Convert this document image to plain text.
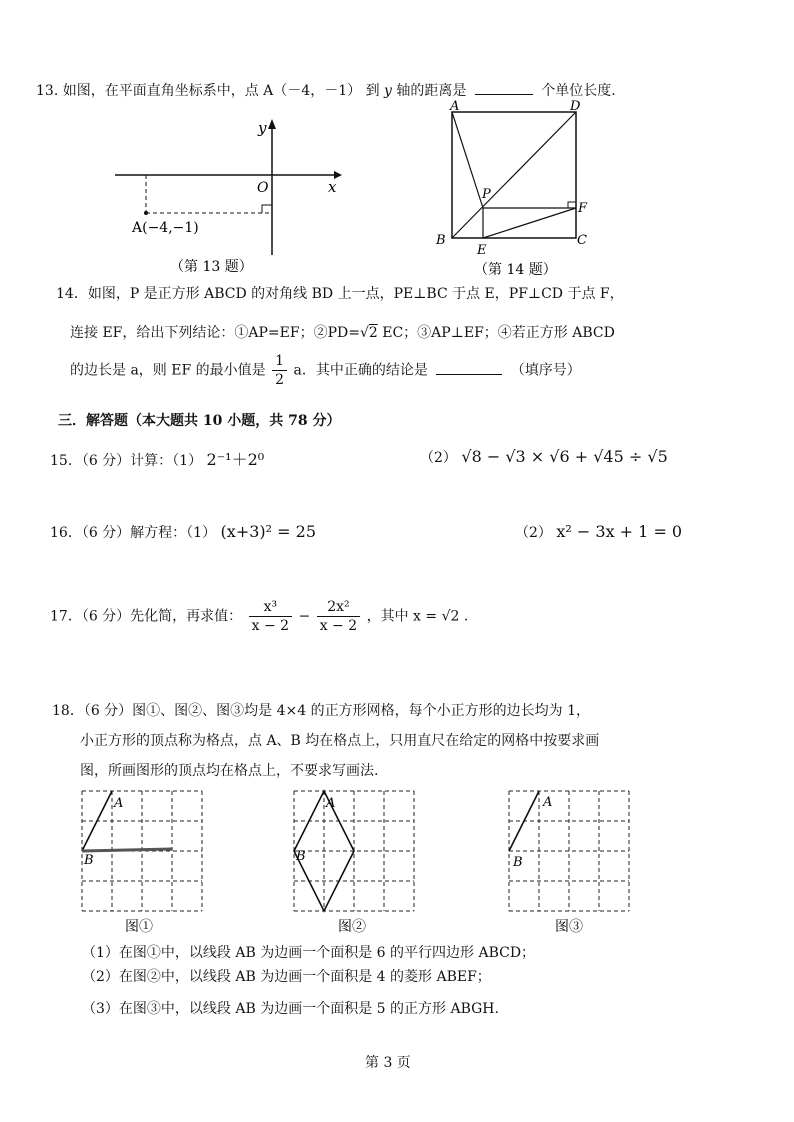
13. 如图，在平面直角坐标系中，点 A（－4，－1） 到 y 轴的距离是	个单位长度.
y
x
O
A(−4,−1)
（第 13 题）
A	D
P
F
B
E
C
（第 14 题）
14．如图，P 是正方形 ABCD 的对角线 BD 上一点，PE⊥BC 于点 E，PF⊥CD 于点 F，
连接 EF，给出下列结论：①AP=EF；②PD=√2 EC；③AP⊥EF；④若正方形 ABCD
的边长是 a，则 EF 的最小值是 $\frac{1}{2}$ a．其中正确的结论是	（填序号）
三．解答题（本大题共 10 小题，共 78 分）
15．（6 分）计算：（1） 2⁻¹＋2⁰	（2） √8 − √3 × √6 + √45 ÷ √5
16．（6 分）解方程：（1） (x+3)² = 25	（2） x² − 3x + 1 = 0
17．（6 分）先化简，再求值： $\frac{\text{x³}}{x - 2} - \frac{\text{2x²}}{x - 2}$ ，其中 x = √2 .
18．（6 分）图①、图②、图③均是 4×4 的正方形网格，每个小正方形的边长均为 1，
小正方形的顶点称为格点，点 A、B 均在格点上，只用直尺在给定的网格中按要求画
图，所画图形的顶点均在格点上，不要求写画法.
A
B
图①
A
B
图②
A
B
图③
（1）在图①中，以线段 AB 为边画一个面积是 6 的平行四边形 ABCD；
（2）在图②中，以线段 AB 为边画一个面积是 4 的菱形 ABEF；
（3）在图③中，以线段 AB 为边画一个面积是 5 的正方形 ABGH.
第 3 页
